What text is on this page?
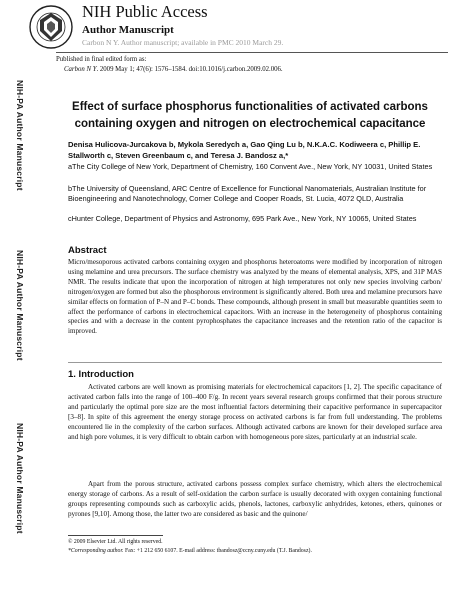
NIH Public Access
Author Manuscript
Carbon N Y. Author manuscript; available in PMC 2010 March 29.
Published in final edited form as:
Carbon N Y. 2009 May 1; 47(6): 1576–1584. doi:10.1016/j.carbon.2009.02.006.
NIH-PA Author Manuscript
NIH-PA Author Manuscript
NIH-PA Author Manuscript
Effect of surface phosphorus functionalities of activated carbons containing oxygen and nitrogen on electrochemical capacitance
Denisa Hulicova-Jurcakova b, Mykola Seredych a, Gao Qing Lu b, N.K.A.C. Kodiweera c, Phillip E. Stallworth c, Steven Greenbaum c, and Teresa J. Bandosz a,*
aThe City College of New York, Department of Chemistry, 160 Convent Ave., New York, NY 10031, United States
bThe University of Queensland, ARC Centre of Excellence for Functional Nanomaterials, Australian Institute for Bioengineering and Nanotechnology, Corner College and Cooper Roads, St. Lucia, 4072 QLD, Australia
cHunter College, Department of Physics and Astronomy, 695 Park Ave., New York, NY 10065, United States
Abstract
Micro/mesoporous activated carbons containing oxygen and phosphorus heteroatoms were modified by incorporation of nitrogen using melamine and urea precursors. The surface chemistry was analyzed by the means of elemental analysis, XPS, and 31P MAS NMR. The results indicate that upon the incorporation of nitrogen at high temperatures not only new species involving carbon/ nitrogen/oxygen are formed but also the phosphorous environment is significantly altered. Both urea and melamine precursors have similar effects on formation of P–N and P–C bonds. These compounds, although present in small but measurable quantities seem to affect the performance of carbons in electrochemical capacitors. With an increase in the heterogeneity of phosphorus containing species and with a decrease in the content pyrophosphates the capacitance increases and the retention ratio of the capacitor is improved.
1. Introduction
Activated carbons are well known as promising materials for electrochemical capacitors [1, 2]. The specific capacitance of activated carbon falls into the range of 100–400 F/g. In recent years several research groups confirmed that their porous structure and particularly the optimal pore size are the most influential factors determining their capacitive performance in supercapacitor [3–8]. In spite of this agreement the energy storage process on activated carbons is far from full understanding. The problems encountered lie in the complexity of the carbon surfaces. Although activated carbons are known for their developed surface area and high pore volumes, it is very difficult to obtain carbon with homogeneous pore sizes, particularly at an industrial scale.
Apart from the porous structure, activated carbons possess complex surface chemistry, which alters the electrochemical energy storage of carbons. As a result of self-oxidation the carbon surface is usually decorated with oxygen containing functional groups representing compounds such as carboxylic acids, phenols, lactones, carboxylic anhydrides, ketones, ethers, quinones or pyrones [9,10]. Among those, the latter two are considered as basic and the quinone/
© 2009 Elsevier Ltd. All rights reserved.
*Corresponding author. Fax: +1 212 650 6107. E-mail address: tbandosz@ccny.cuny.edu (T.J. Bandosz).
